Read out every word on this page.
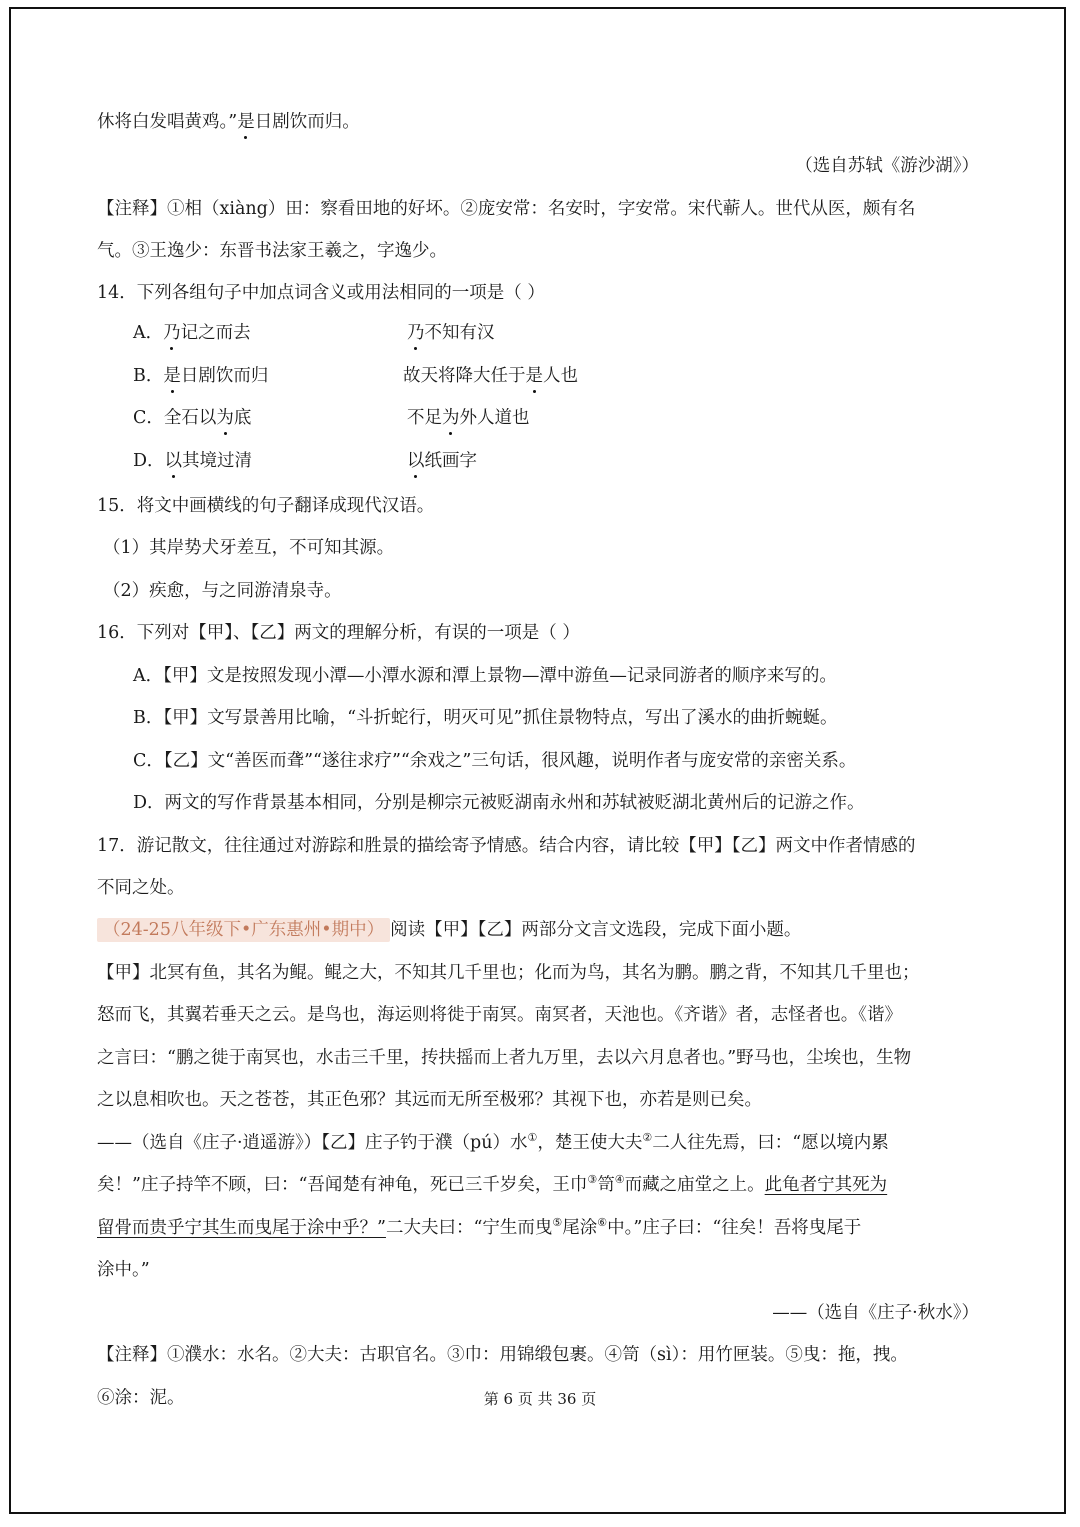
休将白发唱黄鸡。”是日剧饮而归。
（选自苏轼《游沙湖》）
【注释】①相（xiàng）田：察看田地的好坏。②庞安常：名安时，字安常。宋代蕲人。世代从医，颇有名
气。③王逸少：东晋书法家王羲之，字逸少。
14．下列各组句子中加点词含义或用法相同的一项是（ ）
A．乃记之而去	乃不知有汉
B．是日剧饮而归	故天将降大任于是人也
C．全石以为底	不足为外人道也
D．以其境过清	以纸画字
15．将文中画横线的句子翻译成现代汉语。
（1）其岸势犬牙差互，不可知其源。
（2）疾愈，与之同游清泉寺。
16．下列对【甲】、【乙】两文的理解分析，有误的一项是（ ）
A．【甲】文是按照发现小潭—小潭水源和潭上景物—潭中游鱼—记录同游者的顺序来写的。
B．【甲】文写景善用比喻，“斗折蛇行，明灭可见”抓住景物特点，写出了溪水的曲折蜿蜒。
C．【乙】文“善医而聋”“遂往求疗”“余戏之”三句话，很风趣，说明作者与庞安常的亲密关系。
D．两文的写作背景基本相同，分别是柳宗元被贬湖南永州和苏轼被贬湖北黄州后的记游之作。
17．游记散文，往往通过对游踪和胜景的描绘寄予情感。结合内容，请比较【甲】【乙】两文中作者情感的
不同之处。
（24-25八年级下•广东惠州•期中） 阅读【甲】【乙】两部分文言文选段，完成下面小题。
【甲】北冥有鱼，其名为鲲。鲲之大，不知其几千里也；化而为鸟，其名为鹏。鹏之背，不知其几千里也；
怒而飞，其翼若垂天之云。是鸟也，海运则将徙于南冥。南冥者，天池也。《齐谐》者，志怪者也。《谐》
之言曰：“鹏之徙于南冥也，水击三千里，抟扶摇而上者九万里，去以六月息者也。”野马也，尘埃也，生物
之以息相吹也。天之苍苍，其正色邪？其远而无所至极邪？其视下也，亦若是则已矣。
——（选自《庄子·逍遥游》）【乙】庄子钓于濮（pú）水①，楚王使大夫②二人往先焉，曰：“愿以境内累
矣！”庄子持竿不顾，曰：“吾闻楚有神龟，死已三千岁矣，王巾③笥④而藏之庙堂之上。此龟者宁其死为
留骨而贵乎宁其生而曳尾于涂中乎？”二大夫曰：“宁生而曳⑤尾涂⑥中。”庄子曰：“往矣！吾将曳尾于
涂中。”
——（选自《庄子·秋水》）
【注释】①濮水：水名。②大夫：古职官名。③巾：用锦缎包裹。④笥（sì）：用竹匣装。⑤曳：拖，拽。
⑥涂：泥。	第 6 页 共 36 页
